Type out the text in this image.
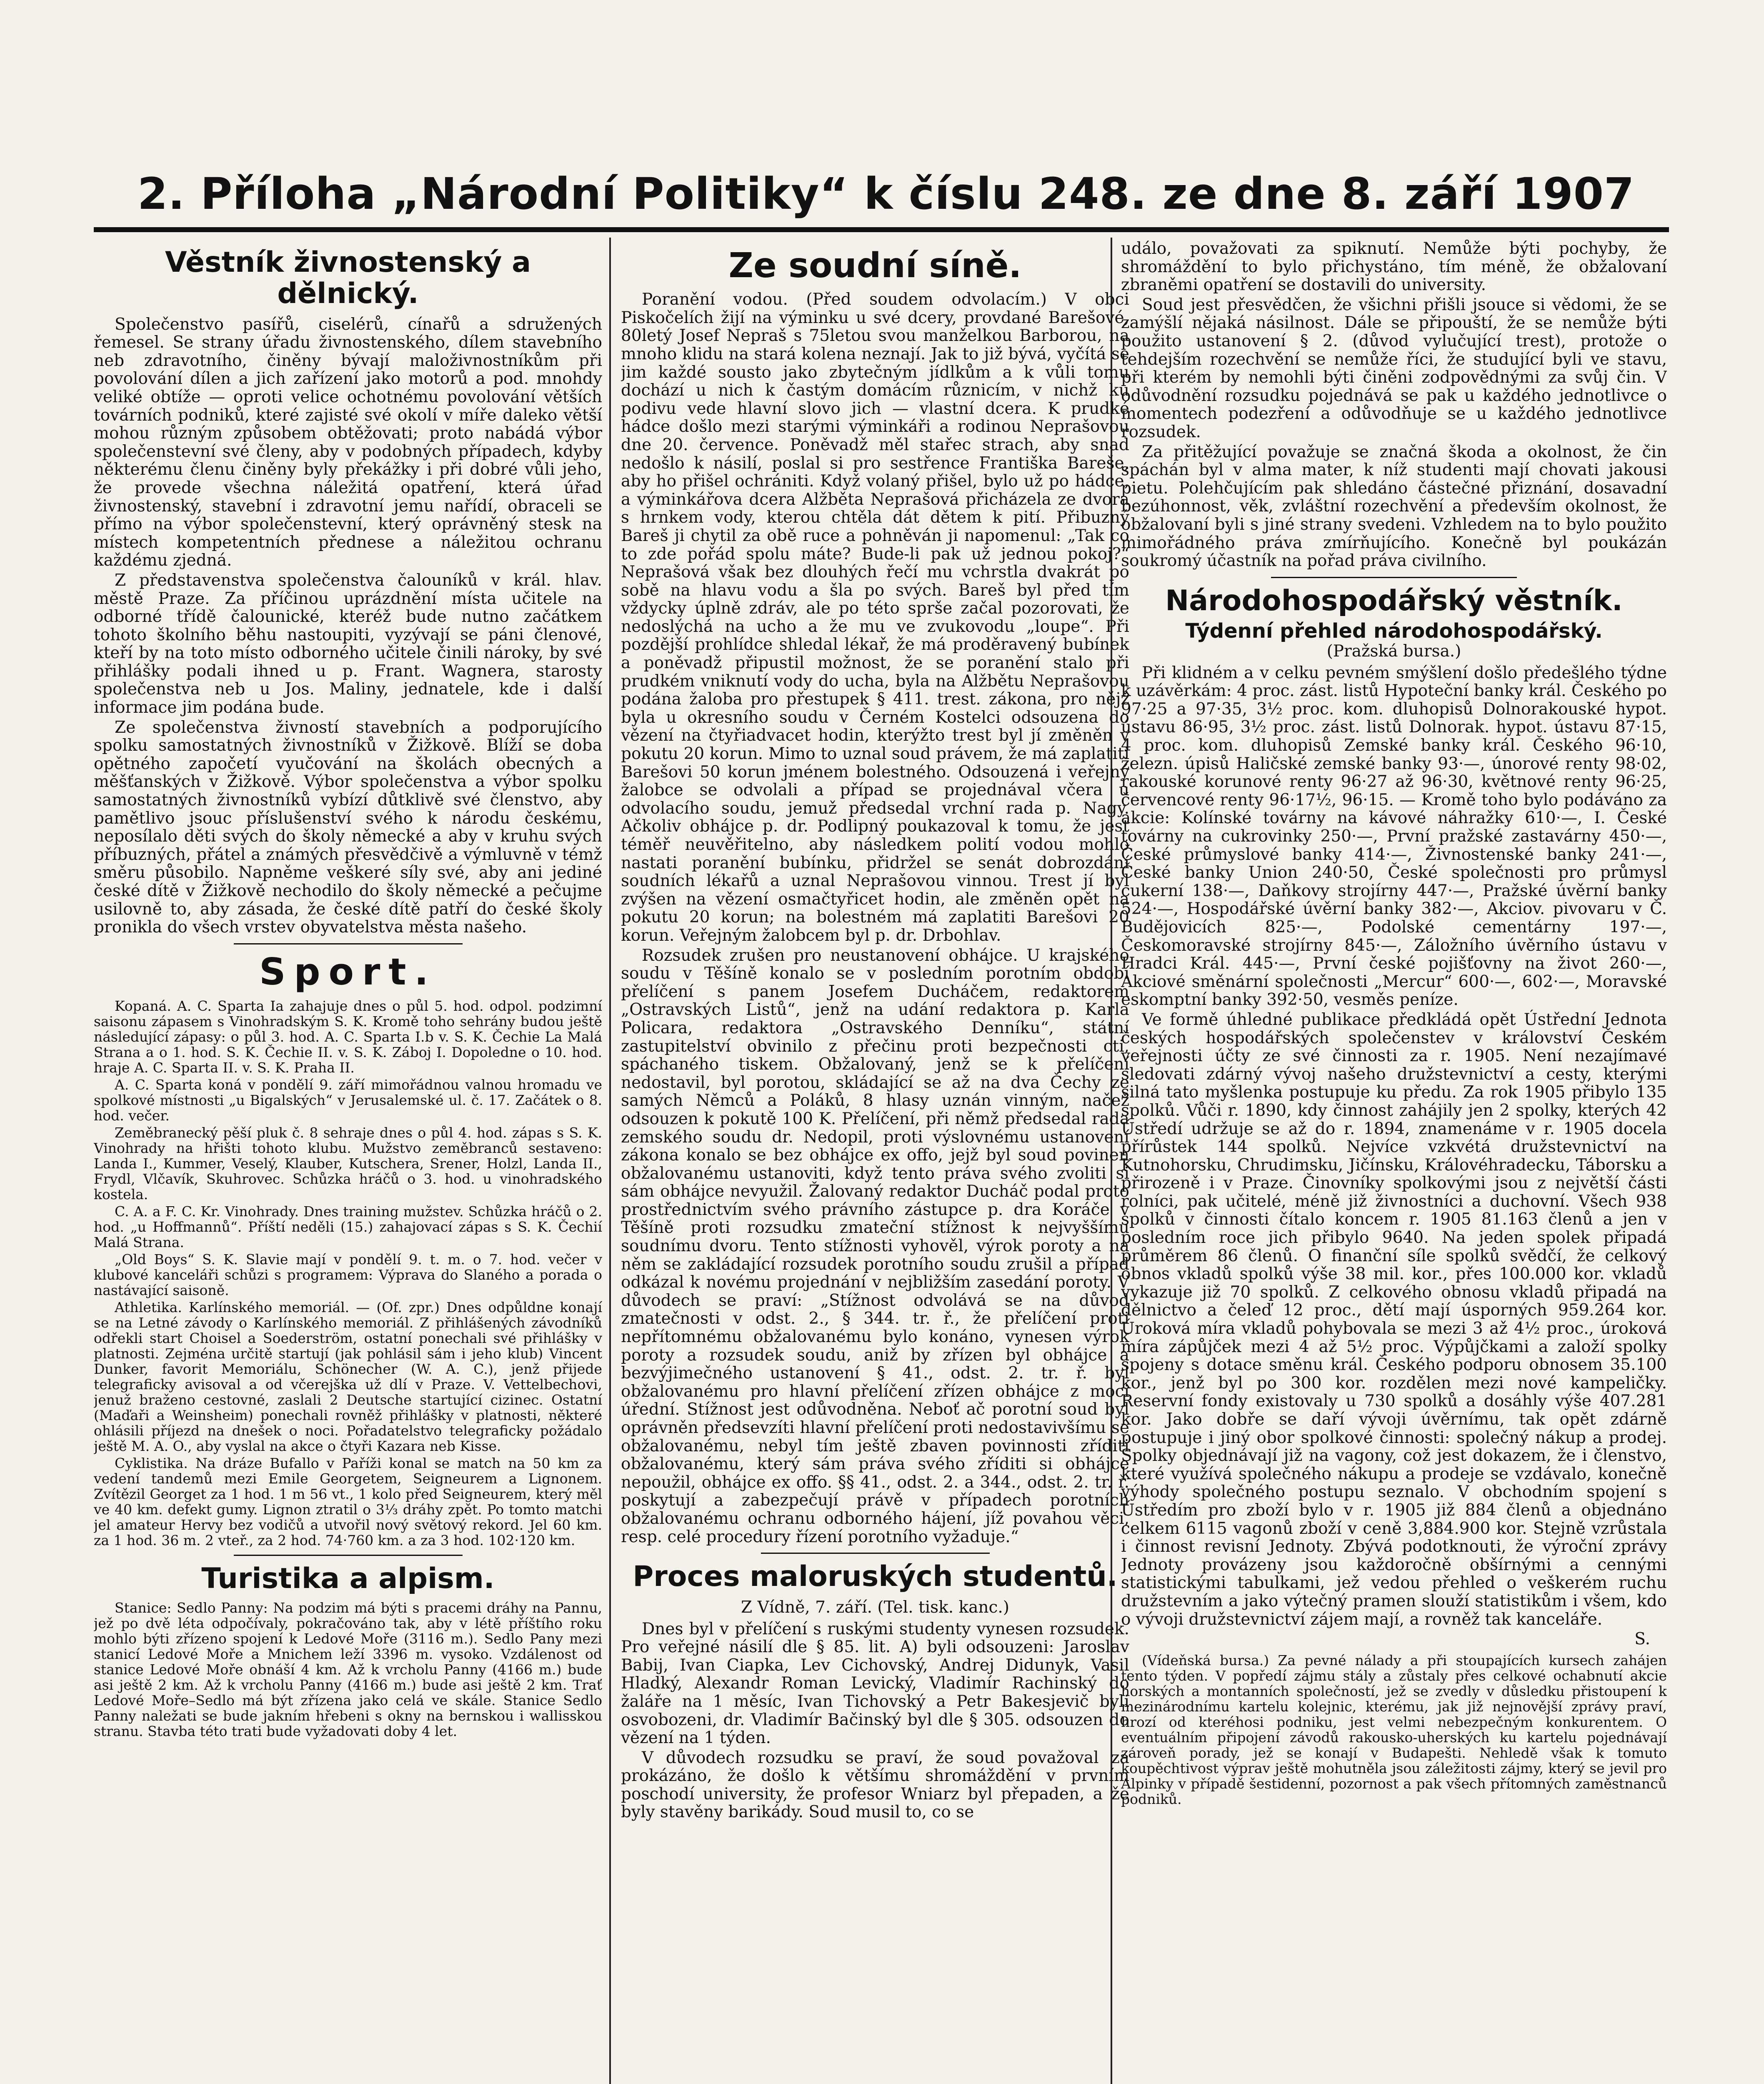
2. Příloha „Národní Politiky“ k číslu 248. ze dne 8. září 1907
Věstník živnostenský a dělnický.

Společenstvo pasířů, ciselérů, cínařů a sdružených řemesel. Se strany úřadu živnostenského, dílem stavebního neb zdravotního, činěny bývají maloživnostníkům při povolování dílen a jich zařízení jako motorů a pod. mnohdy veliké obtíže — oproti velice ochotnému povolování větších továrních podniků, které zajisté své okolí v míře daleko větší mohou různým způsobem obtěžovati; proto nabádá výbor společenstevní své členy, aby v podobných případech, kdyby některému členu činěny byly překážky i při dobré vůli jeho, že provede všechna náležitá opatření, která úřad živnostenský, stavební i zdravotní jemu nařídí, obraceli se přímo na výbor společenstevní, který oprávněný stesk na místech kompetentních přednese a náležitou ochranu každému zjedná.

Z představenstva společenstva čalouníků v král. hlav. městě Praze. Za příčinou uprázdnění místa učitele na odborné třídě čalounické, kteréž bude nutno začátkem tohoto školního běhu nastoupiti, vyzývají se páni členové, kteří by na toto místo odborného učitele činili nároky, by své přihlášky podali ihned u p. Frant. Wagnera, starosty společenstva neb u Jos. Maliny, jednatele, kde i další informace jim podána bude.

Ze společenstva živností stavebních a podporujícího spolku samostatných živnostníků v Žižkově. Blíží se doba opětného započetí vyučování na školách obecných a měšťanských v Žižkově. Výbor společenstva a výbor spolku samostatných živnostníků vybízí důtklivě své členstvo, aby pamětlivo jsouc příslušenství svého k národu českému, neposílalo děti svých do školy německé a aby v kruhu svých příbuzných, přátel a známých přesvědčivě a výmluvně v témž směru působilo. Napněme veškeré síly své, aby ani jediné české dítě v Žižkově nechodilo do školy německé a pečujme usilovně to, aby zásada, že české dítě patří do české školy pronikla do všech vrstev obyvatelstva města našeho.

Sport.

Kopaná. A. C. Sparta Ia zahajuje dnes o půl 5. hod. odpol. podzimní saisonu zápasem s Vinohradským S. K. Kromě toho sehrány budou ještě následující zápasy: o půl 3. hod. A. C. Sparta I.b v. S. K. Čechie La Malá Strana a o 1. hod. S. K. Čechie II. v. S. K. Záboj I. Dopoledne o 10. hod. hraje A. C. Sparta II. v. S. K. Praha II.

A. C. Sparta koná v pondělí 9. září mimořádnou valnou hromadu ve spolkové místnosti „u Bigalských“ v Jerusalemské ul. č. 17. Začátek o 8. hod. večer.

Zeměbranecký pěší pluk č. 8 sehraje dnes o půl 4. hod. zápas s S. K. Vinohrady na hřišti tohoto klubu. Mužstvo zeměbranců sestaveno: Landa I., Kummer, Veselý, Klauber, Kutschera, Srener, Holzl, Landa II., Frydl, Vlčavík, Skuhrovec. Schůzka hráčů o 3. hod. u vinohradského kostela.

C. A. a F. C. Kr. Vinohrady. Dnes training mužstev. Schůzka hráčů o 2. hod. „u Hoffmannů“. Příští neděli (15.) zahajovací zápas s S. K. Čechií Malá Strana.

„Old Boys“ S. K. Slavie mají v pondělí 9. t. m. o 7. hod. večer v klubové kanceláři schůzi s programem: Výprava do Slaného a porada o nastávající saisoně.

Athletika. Karlínského memoriál. — (Of. zpr.) Dnes odpůldne konají se na Letné závody o Karlínského memoriál. Z přihlášených závodníků odřekli start Choisel a Soederström, ostatní ponechali své přihlášky v platnosti. Zejména určitě startují (jak pohlásil sám i jeho klub) Vincent Dunker, favorit Memoriálu, Schönecher (W. A. C.), jenž přijede telegraficky avisoval a od včerejška už dlí v Praze. V. Vettelbechovi, jenuž braženo cestovné, zaslali 2 Deutsche startující cizinec. Ostatní (Maďaři a Weinsheim) ponechali rovněž přihlášky v platnosti, některé ohlásili příjezd na dnešek o noci. Pořadatelstvo telegraficky požádalo ještě M. A. O., aby vyslal na akce o čtyři Kazara neb Kisse.

Cyklistika. Na dráze Bufallo v Paříži konal se match na 50 km za vedení tandemů mezi Emile Georgetem, Seigneurem a Lignonem. Zvítězil Georget za 1 hod. 1 m 56 vt., 1 kolo před Seigneurem, který měl ve 40 km. defekt gumy. Lignon ztratil o 3⅓ dráhy zpět. Po tomto matchi jel amateur Hervy bez vodičů a utvořil nový světový rekord. Jel 60 km. za 1 hod. 36 m. 2 vteř., za 2 hod. 74·760 km. a za 3 hod. 102·120 km.

Turistika a alpism.

Stanice: Sedlo Panny: Na podzim má býti s pracemi dráhy na Pannu, jež po dvě léta odpočívaly, pokračováno tak, aby v létě příštího roku mohlo býti zřízeno spojení k Ledové Moře (3116 m.). Sedlo Pany mezi stanicí Ledové Moře a Mnichem leží 3396 m. vysoko. Vzdálenost od stanice Ledové Moře obnáší 4 km. Až k vrcholu Panny (4166 m.) bude asi ještě 2 km. Až k vrcholu Panny (4166 m.) bude asi ještě 2 km. Trať Ledové Moře–Sedlo má být zřízena jako celá ve skále. Stanice Sedlo Panny naležati se bude jakním hřebeni s okny na bernskou i wallisskou stranu. Stavba této trati bude vyžadovati doby 4 let.

Ze soudní síně.

Poranění vodou. (Před soudem odvolacím.) V obci Piskočelích žijí na výminku u své dcery, provdané Barešové, 80letý Josef Nepraš s 75letou svou manželkou Barborou, na mnoho klidu na stará kolena neznají. Jak to již bývá, vyčítá se jim každé sousto jako zbytečným jídlkům a k vůli tomu dochází u nich k častým domácím různicím, v nichž ku podivu vede hlavní slovo jich — vlastní dcera. K prudké hádce došlo mezi starými výminkáři a rodinou Neprašovou dne 20. července. Poněvadž měl stařec strach, aby snad nedošlo k násilí, poslal si pro sestřence Františka Bareše, aby ho přišel ochrániti. Když volaný přišel, bylo už po hádce, a výminkářova dcera Alžběta Neprašová přicházela ze dvora s hrnkem vody, kterou chtěla dát dětem k pití. Přibuzný Bareš ji chytil za obě ruce a pohněván ji napomenul: „Tak co to zde pořád spolu máte? Bude-li pak už jednou pokoj?“ Neprašová však bez dlouhých řečí mu vchrstla dvakrát po sobě na hlavu vodu a šla po svých. Bareš byl před tím vždycky úplně zdráv, ale po této sprše začal pozorovati, že nedoslýchá na ucho a že mu ve zvukovodu „loupe“. Při pozdější prohlídce shledal lékař, že má proděravený bubínek a poněvadž připustil možnost, že se poranění stalo při prudkém vniknutí vody do ucha, byla na Alžbětu Neprašovou podána žaloba pro přestupek § 411. trest. zákona, pro nějž byla u okresního soudu v Černém Kostelci odsouzena do vězení na čtyřiadvacet hodin, kterýžto trest byl jí změněn v pokutu 20 korun. Mimo to uznal soud právem, že má zaplatiti Barešovi 50 korun jménem bolestného. Odsouzená i veřejný žalobce se odvolali a případ se projednával včera u odvolacího soudu, jemuž předsedal vrchní rada p. Nagy. Ačkoliv obhájce p. dr. Podlipný poukazoval k tomu, že jest téměř neuvěřitelno, aby následkem polití vodou mohlo nastati poranění bubínku, přidržel se senát dobrozdání soudních lékařů a uznal Neprašovou vinnou. Trest jí byl zvýšen na vězení osmačtyřicet hodin, ale změněn opět na pokutu 20 korun; na bolestném má zaplatiti Barešovi 20 korun. Veřejným žalobcem byl p. dr. Drbohlav.

Rozsudek zrušen pro neustanovení obhájce. U krajského soudu v Těšíně konalo se v posledním porotním období přelíčení s panem Josefem Ducháčem, redaktorem „Ostravských Listů“, jenž na udání redaktora p. Karla Policara, redaktora „Ostravského Denníku“, státní zastupitelství obvinilo z přečinu proti bezpečnosti cti, spáchaného tiskem. Obžalovaný, jenž se k přelíčení nedostavil, byl porotou, skládající se až na dva Čechy ze samých Němců a Poláků, 8 hlasy uznán vinným, načež odsouzen k pokutě 100 K. Přelíčení, při němž předsedal rada zemského soudu dr. Nedopil, proti výslovnému ustanovení zákona konalo se bez obhájce ex offo, jejž byl soud povinen obžalovanému ustanoviti, když tento práva svého zvoliti si sám obhájce nevyužil. Žalovaný redaktor Ducháč podal proto prostřednictvím svého právního zástupce p. dra Koráče v Těšíně proti rozsudku zmateční stížnost k nejvyššímu soudnímu dvoru. Tento stížnosti vyhověl, výrok poroty a na něm se zakládající rozsudek porotního soudu zrušil a případ odkázal k novému projednání v nejbližším zasedání poroty. V důvodech se praví: „Stížnost odvolává se na důvod zmatečnosti v odst. 2., § 344. tr. ř., že přelíčení proti nepřítomnému obžalovanému bylo konáno, vynesen výrok poroty a rozsudek soudu, aniž by zřízen byl obhájce a bezvýjimečného ustanovení § 41., odst. 2. tr. ř. byl obžalovanému pro hlavní přelíčení zřízen obhájce z moci úřední. Stížnost jest odůvodněna. Neboť ač porotní soud byl oprávněn předsevzíti hlavní přelíčení proti nedostavivšímu se obžalovanému, nebyl tím ještě zbaven povinnosti zříditi obžalovanému, který sám práva svého zříditi si obhájce nepoužil, obhájce ex offo. §§ 41., odst. 2. a 344., odst. 2. tr. ř. poskytují a zabezpečují právě v případech porotních obžalovanému ochranu odborného hájení, jíž povahou věci, resp. celé procedury řízení porotního vyžaduje.“

Proces maloruských studentů.
Z Vídně, 7. září. (Tel. tisk. kanc.)

Dnes byl v přelíčení s ruskými studenty vynesen rozsudek. Pro veřejné násilí dle § 85. lit. A) byli odsouzeni: Jaroslav Babij, Ivan Ciapka, Lev Cichovský, Andrej Didunyk, Vasil Hladký, Alexandr Roman Levický, Vladimír Rachinský do žaláře na 1 měsíc, Ivan Tichovský a Petr Bakesjevič byli osvobozeni, dr. Vladimír Bačinský byl dle § 305. odsouzen do vězení na 1 týden.

V důvodech rozsudku se praví, že soud považoval za prokázáno, že došlo k většímu shromáždění v prvním poschodí university, že profesor Wniarz byl přepaden, a že byly stavěny barikády. Soud musil to, co se

událo, považovati za spiknutí. Nemůže býti pochyby, že shromáždění to bylo přichystáno, tím méně, že obžalovaní zbraněmi opatření se dostavili do university.

Soud jest přesvědčen, že všichni přišli jsouce si vědomi, že se zamýšlí nějaká násilnost. Dále se připouští, že se nemůže býti použito ustanovení § 2. (důvod vylučující trest), protože o tehdejším rozechvění se nemůže říci, že studující byli ve stavu, při kterém by nemohli býti činěni zodpovědnými za svůj čin. V odůvodnění rozsudku pojednává se pak u každého jednotlivce o momentech podezření a odůvodňuje se u každého jednotlivce rozsudek.

Za přitěžující považuje se značná škoda a okolnost, že čin spáchán byl v alma mater, k níž studenti mají chovati jakousi pietu. Polehčujícím pak shledáno částečné přiznání, dosavadní bezúhonnost, věk, zvláštní rozechvění a především okolnost, že obžalovaní byli s jiné strany svedeni. Vzhledem na to bylo použito mimořádného práva zmírňujícího. Konečně byl poukázán soukromý účastník na pořad práva civilního.

Národohospodářský věstník.
Týdenní přehled národohospodářský.
(Pražská bursa.)

Při klidném a v celku pevném smýšlení došlo předešlého týdne k uzávěrkám: 4 proc. zást. listů Hypoteční banky král. Českého po 97·25 a 97·35, 3½ proc. kom. dluhopisů Dolnorakouské hypot. ústavu 86·95, 3½ proc. zást. listů Dolnorak. hypot. ústavu 87·15, 4 proc. kom. dluhopisů Zemské banky král. Českého 96·10, železn. úpisů Haličské zemské banky 93·—, únorové renty 98·02, rakouské korunové renty 96·27 až 96·30, květnové renty 96·25, červencové renty 96·17½, 96·15. — Kromě toho bylo podáváno za akcie: Kolínské továrny na kávové náhražky 610·—, I. České továrny na cukrovinky 250·—, První pražské zastavárny 450·—, České průmyslové banky 414·—, Živnostenské banky 241·—, České banky Union 240·50, České společnosti pro průmysl cukerní 138·—, Daňkovy strojírny 447·—, Pražské úvěrní banky 524·—, Hospodářské úvěrní banky 382·—, Akciov. pivovaru v Č. Budějovicích 825·—, Podolské cementárny 197·—, Českomoravské strojírny 845·—, Záložního úvěrního ústavu v Hradci Král. 445·—, První české pojišťovny na život 260·—, Akciové směnární společnosti „Mercur“ 600·—, 602·—, Moravské eskomptní banky 392·50, vesměs peníze.

Ve formě úhledné publikace předkládá opět Ústřední Jednota českých hospodářských společenstev v království Českém veřejnosti účty ze své činnosti za r. 1905. Není nezajímavé sledovati zdárný vývoj našeho družstevnictví a cesty, kterými silná tato myšlenka postupuje ku předu. Za rok 1905 přibylo 135 spolků. Vůči r. 1890, kdy činnost zahájily jen 2 spolky, kterých 42 Ústředí udržuje se až do r. 1894, znamenáme v r. 1905 docela přírůstek 144 spolků. Nejvíce vzkvétá družstevnictví na Kutnohorsku, Chrudimsku, Jičínsku, Královéhradecku, Táborsku a přirozeně i v Praze. Činovníky spolkovými jsou z největší části rolníci, pak učitelé, méně již živnostníci a duchovní. Všech 938 spolků v činnosti čítalo koncem r. 1905 81.163 členů a jen v posledním roce jich přibylo 9640. Na jeden spolek připadá průměrem 86 členů. O finanční síle spolků svědčí, že celkový obnos vkladů spolků výše 38 mil. kor., přes 100.000 kor. vkladů vykazuje již 70 spolků. Z celkového obnosu vkladů připadá na dělnictvo a čeleď 12 proc., dětí mají úsporných 959.264 kor. Úroková míra vkladů pohybovala se mezi 3 až 4½ proc., úroková míra zápůjček mezi 4 až 5½ proc. Výpůjčkami a založí spolky spojeny s dotace směnu král. Českého podporu obnosem 35.100 kor., jenž byl po 300 kor. rozdělen mezi nové kampeličky. Reservní fondy existovaly u 730 spolků a dosáhly výše 407.281 kor. Jako dobře se daří vývoji úvěrnímu, tak opět zdárně postupuje i jiný obor spolkové činnosti: společný nákup a prodej. Spolky objednávají již na vagony, což jest dokazem, že i členstvo, které využívá společného nákupu a prodeje se vzdávalo, konečně výhody společného postupu seznalo. V obchodním spojení s Ústředím pro zboží bylo v r. 1905 již 884 členů a objednáno celkem 6115 vagonů zboží v ceně 3,884.900 kor. Stejně vzrůstala i činnost revisní Jednoty. Zbývá podotknouti, že výroční zprávy Jednoty provázeny jsou každoročně obšírnými a cennými statistickými tabulkami, jež vedou přehled o veškerém ruchu družstevním a jako výtečný pramen slouží statistikům i všem, kdo o vývoji družstevnictví zájem mají, a rovněž tak kanceláře.

S.

(Vídeňská bursa.) Za pevné nálady a při stoupajících kursech zahájen tento týden. V popředí zájmu stály a zůstaly přes celkové ochabnutí akcie horských a montanních společností, jež se zvedly v důsledku přistoupení k mezinárodnímu kartelu kolejnic, kterému, jak již nejnovější zprávy praví, hrozí od kteréhosi podniku, jest velmi nebezpečným konkurentem. O eventuálním připojení závodů rakousko-uherských ku kartelu pojednávají zároveň porady, jež se konají v Budapešti. Nehledě však k tomuto koupěchtivost výprav ještě mohutněla jsou záležitosti zájmy, který se jevil pro Alpinky v případě šestidenní, pozornost a pak všech přítomných zaměstnanců podniků.
